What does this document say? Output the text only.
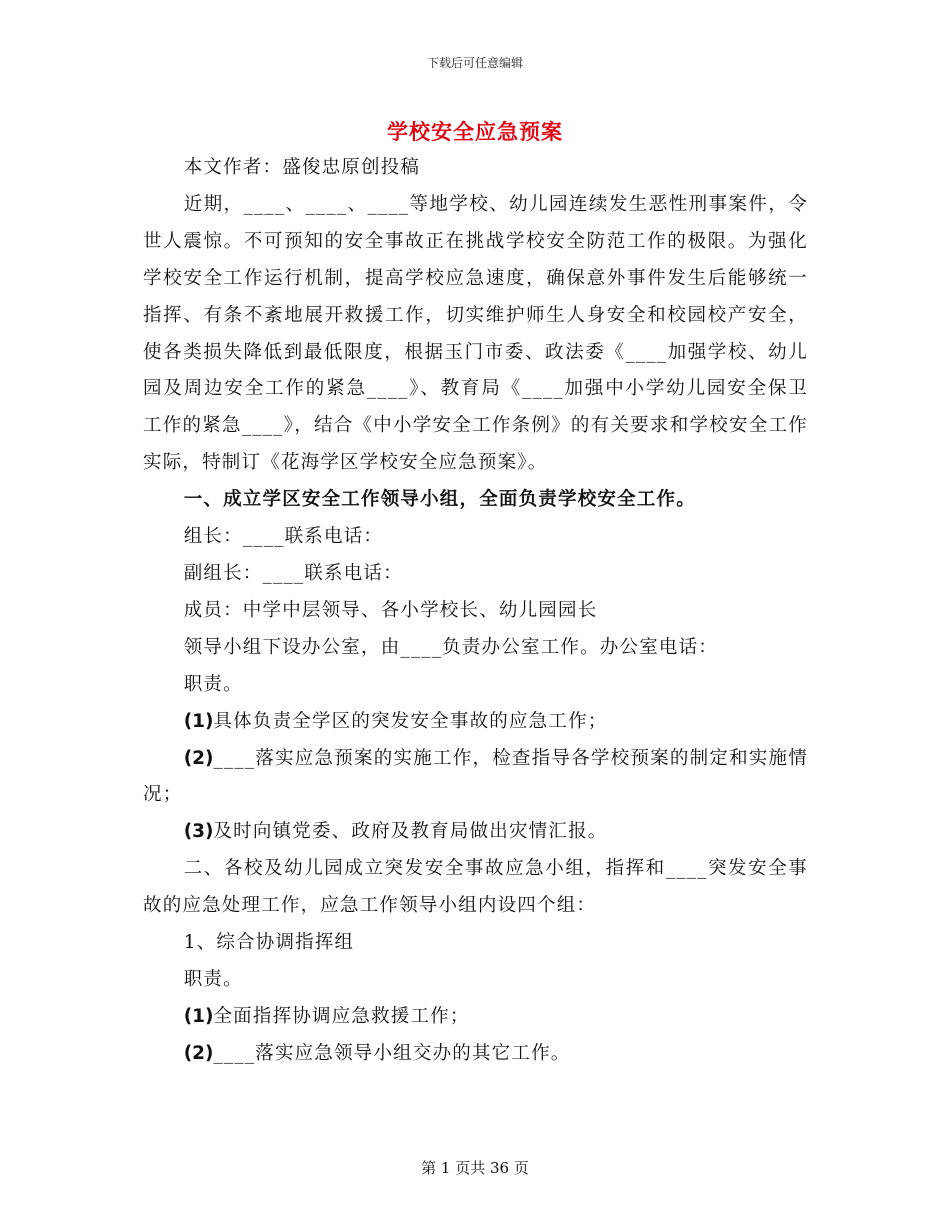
下载后可任意编辑
学校安全应急预案

本文作者：盛俊忠原创投稿

近期，____、____、____等地学校、幼儿园连续发生恶性刑事案件，令世人震惊。不可预知的安全事故正在挑战学校安全防范工作的极限。为强化学校安全工作运行机制，提高学校应急速度，确保意外事件发生后能够统一指挥、有条不紊地展开救援工作，切实维护师生人身安全和校园校产安全，使各类损失降低到最低限度，根据玉门市委、政法委《____加强学校、幼儿园及周边安全工作的紧急____》、教育局《____加强中小学幼儿园安全保卫工作的紧急____》，结合《中小学安全工作条例》的有关要求和学校安全工作实际，特制订《花海学区学校安全应急预案》。

一、成立学区安全工作领导小组，全面负责学校安全工作。

组长：____联系电话：

副组长：____联系电话：

成员：中学中层领导、各小学校长、幼儿园园长

领导小组下设办公室，由____负责办公室工作。办公室电话：

职责。

(1)具体负责全学区的突发安全事故的应急工作；

(2)____落实应急预案的实施工作，检查指导各学校预案的制定和实施情况；

(3)及时向镇党委、政府及教育局做出灾情汇报。

二、各校及幼儿园成立突发安全事故应急小组，指挥和____突发安全事故的应急处理工作，应急工作领导小组内设四个组：

1、综合协调指挥组

职责。

(1)全面指挥协调应急救援工作；

(2)____落实应急领导小组交办的其它工作。

第 1 页共 36 页
